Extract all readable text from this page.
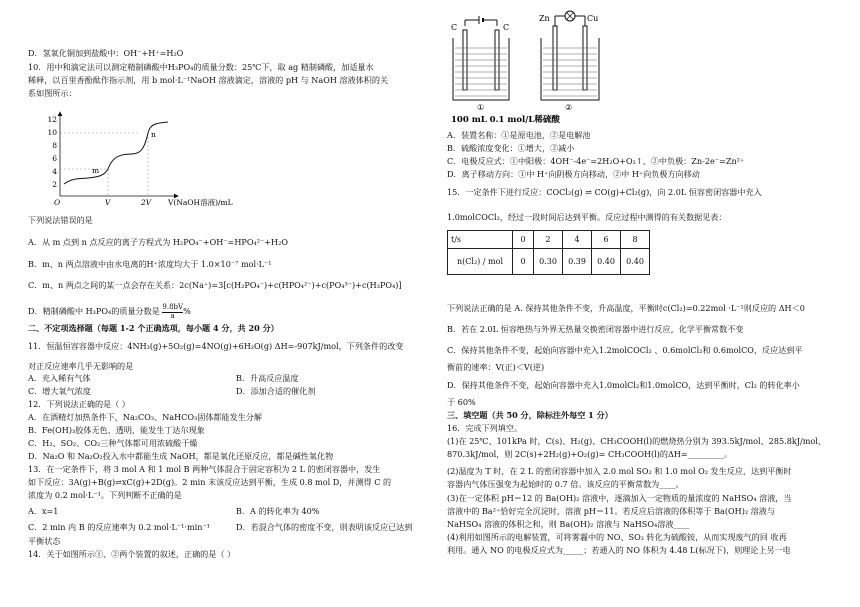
D．氢氧化铜加到盐酸中：OH⁻+H⁺=H₂O
10．用中和滴定法可以测定精制磷酸中H₃PO₄的质量分数：25℃下，取 ag 精制磷酸，加适量水
稀释，以百里香酚酞作指示剂，用 b mol·L⁻¹NaOH 溶液滴定，溶液的 pH 与 NaOH 溶液体积的关
系如图所示：
12
10
8
6
4
2
O	V	2V V(NaOH溶液)/mL
m
n
下列说法错误的是
A．从 m 点到 n 点反应的离子方程式为 H₂PO₄⁻+OH⁻=HPO₄²⁻+H₂O
B．m、n 两点溶液中由水电离的H⁺浓度均大于 1.0×10⁻⁷ mol·L⁻¹
C．m、n 两点之间的某一点会存在关系：2c(Na⁺)=3[c(H₂PO₄⁻)+c(HPO₄²⁻)+c(PO₄³⁻)+c(H₃PO₄)]
D．精制磷酸中 H₃PO₄的质量分数是 $\frac{9.8bV}{a}$ %
二、不定项选择题（每题 1-2 个正确选项，每小题 4 分，共 20 分）
11．恒温恒容容器中反应：4NH₃(g)+5O₂(g)=4NO(g)+6H₂O(g) ΔH=-907kJ/mol，下列条件的改变
对正反应速率几乎无影响的是
A．充入稀有气体	B．升高反应温度
C．增大氧气浓度	D．添加合适的催化剂
12．下列说法正确的是（ ）
A．在酒精灯加热条件下，Na₂CO₃、NaHCO₃固体都能发生分解
B．Fe(OH)₃胶体无色、透明，能发生丁达尔现象
C．H₂、SO₂、CO₂三种气体都可用浓硫酸干燥
D．Na₂O 和 Na₂O₂投入水中都能生成 NaOH，都是氧化还原反应，都是碱性氧化物
13．在一定条件下，将 3 mol A 和 1 mol B 两种气体混合于固定容积为 2 L 的密闭容器中，发生
如下反应：3A(g)+B(g)⇌xC(g)+2D(g)。2 min 末该反应达到平衡，生成 0.8 mol D，并测得 C 的
浓度为 0.2 mol·L⁻¹。下列判断不正确的是
A．x=1	B．A 的转化率为 40%
C．2 min 内 B 的反应速率为 0.2 mol·L⁻¹·min⁻¹	D．若混合气体的密度不变，则表明该反应已达到
平衡状态
14．关于如图所示①、②两个装置的叙述，正确的是（ ）
C	C
①
Zn	Cu
②
100 mL 0.1 mol/L稀硫酸
A．装置名称：①是原电池，②是电解池
B．硫酸浓度变化：①增大，②减小
C．电极反应式：①中阳极：4OH⁻-4e⁻=2H₂O+O₂↑、②中负极：Zn-2e⁻=Zn²⁺
D．离子移动方向：①中 H⁺向阴极方向移动，②中 H⁺向负极方向移动
15．一定条件下进行反应：COCl₂(g) ⇌ CO(g)+Cl₂(g)，向 2.0L 恒容密闭容器中充入
1.0molCOCl₂，经过一段时间后达到平衡。反应过程中测得的有关数据见表：
t/s	0	2	4	6	8
n(Cl₂) / mol	0	0.30	0.39	0.40	0.40
下列说法正确的是 A. 保持其他条件不变，升高温度，平衡时c(Cl₂)=0.22mol ·L⁻¹则反应的 ΔH＜0
B．若在 2.0L 恒容绝热与外界无热量交换密闭容器中进行反应，化学平衡常数不变
C．保持其他条件不变，起始向容器中充入1.2molCOCl₂ 、0.6molCl₂和 0.6molCO，反应达到平
衡前的速率：V(正)＜V(逆)
D．保持其他条件不变，起始向容器中充入1.0molCl₂和1.0molCO，达到平衡时，Cl₂ 的转化率小
于 60%
三、填空题（共 50 分，除标注外每空 1 分）
16．完成下列填空。
(1)在 25℃、101kPa 时，C(s)、H₂(g)、CH₃COOH(l)的燃烧热分别为 393.5kJ/mol、285.8kJ/mol、
870.3kJ/mol，则 2C(s)+2H₂(g)+O₂(g)= CH₃COOH(l)的ΔH=_________。
(2)温度为 T 时，在 2 L 的密闭容器中加入 2.0 mol SO₂ 和 1.0 mol O₂ 发生反应，达到平衡时
容器内气体压强变为起始时的 0.7 倍。该反应的平衡常数为____。
(3)在一定体积 pH＝12 的 Ba(OH)₂ 溶液中，逐滴加入一定物质的量浓度的 NaHSO₄ 溶液，当
溶液中的 Ba²⁺恰好完全沉淀时，溶液 pH＝11。若反应后溶液的体积等于 Ba(OH)₂ 溶液与
NaHSO₄ 溶液的体积之和，则 Ba(OH)₂ 溶液与 NaHSO₄溶液____
(4)利用如图所示的电解装置，可将雾霾中的 NO、SO₂ 转化为硫酸铵，从而实现废气的回 收再
利用。通入 NO 的电极反应式为_____；若通入的 NO 体积为 4.48 L(标况下)，则理论上另一电
